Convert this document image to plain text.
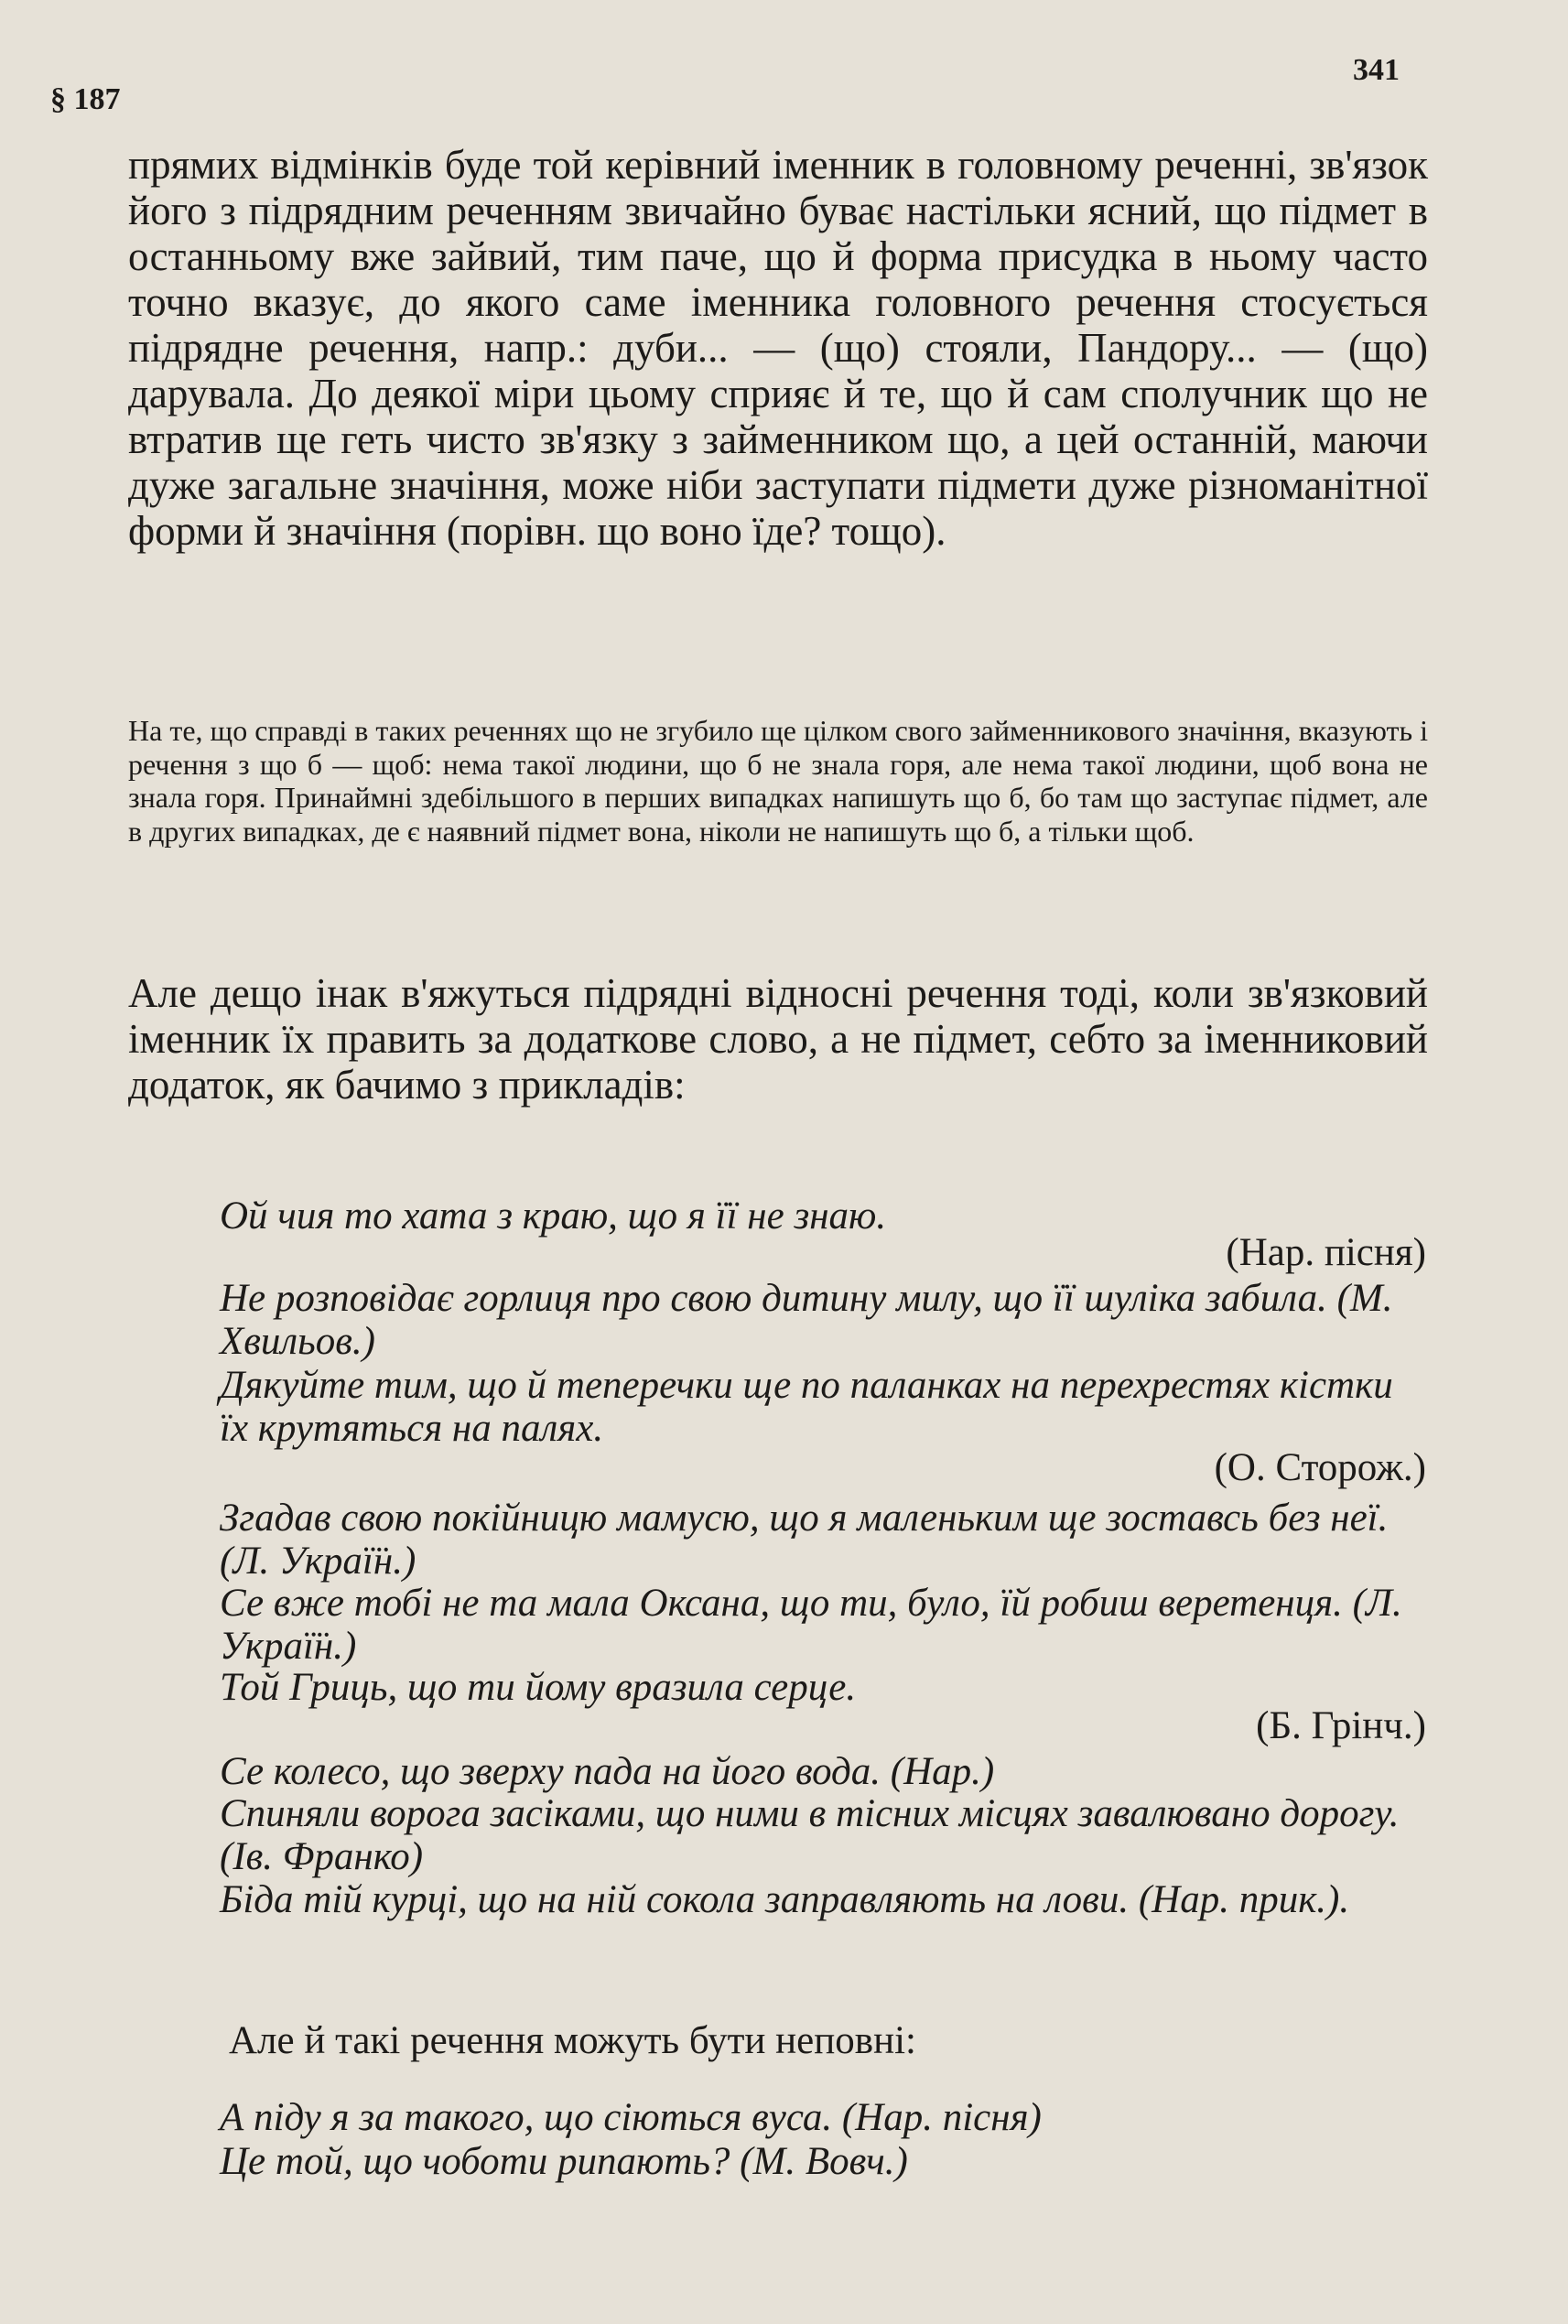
§ 187
341

прямих відмінків буде той керівний іменник в головному реченні, зв'язок його з підрядним реченням звичайно буває настільки ясний, що підмет в останньому вже зайвий, тим паче, що й форма присудка в ньому часто точно вказує, до якого саме іменника головного речення стосується підрядне речення, напр.: дуби... — (що) стояли, Пандору... — (що) дарувала. До деякої міри цьому сприяє й те, що й сам сполучник що не втратив ще геть чисто зв'язку з займенником що, а цей останній, маючи дуже загальне значіння, може ніби заступати підмети дуже різноманітної форми й значіння (порівн. що воно їде? тощо).

На те, що справді в таких реченнях що не згубило ще цілком свого займенникового значіння, вказують і речення з що б — щоб: нема такої людини, що б не знала горя, але нема такої людини, щоб вона не знала горя. Принаймні здебільшого в перших випадках напишуть що б, бо там що заступає підмет, але в других випадках, де є наявний підмет вона, ніколи не напишуть що б, а тільки щоб.

Але дещо інак в'яжуться підрядні відносні речення тоді, коли зв'язковий іменник їх править за додаткове слово, а не підмет, себто за іменниковий додаток, як бачимо з прикладів:

Ой чия то хата з краю, що я її не знаю.
(Нар. пісня)
Не розповідає горлиця про свою дитину милу, що її шуліка забила. (М. Хвильов.)
Дякуйте тим, що й теперечки ще по паланках на перехрестях кістки їх крутяться на палях.
(О. Сторож.)
Згадав свою покійницю мамусю, що я маленьким ще зоставсь без неї. (Л. Украї̈н.)
Се вже тобі не та мала Оксана, що ти, було, їй робиш веретенця. (Л. Украї̈н.)
Той Гриць, що ти йому вразила серце.
(Б. Грінч.)
Се колесо, що зверху пада на його вода. (Нар.)
Спиняли ворога засіками, що ними в тісних місцях завалювано дорогу. (Ів. Франко)
Біда тій курці, що на ній сокола заправляють на лови. (Нар. прик.).
Але й такі речення можуть бути неповні:
А піду я за такого, що сіються вуса. (Нар. пісня)
Це той, що чоботи рипають? (М. Вовч.)
